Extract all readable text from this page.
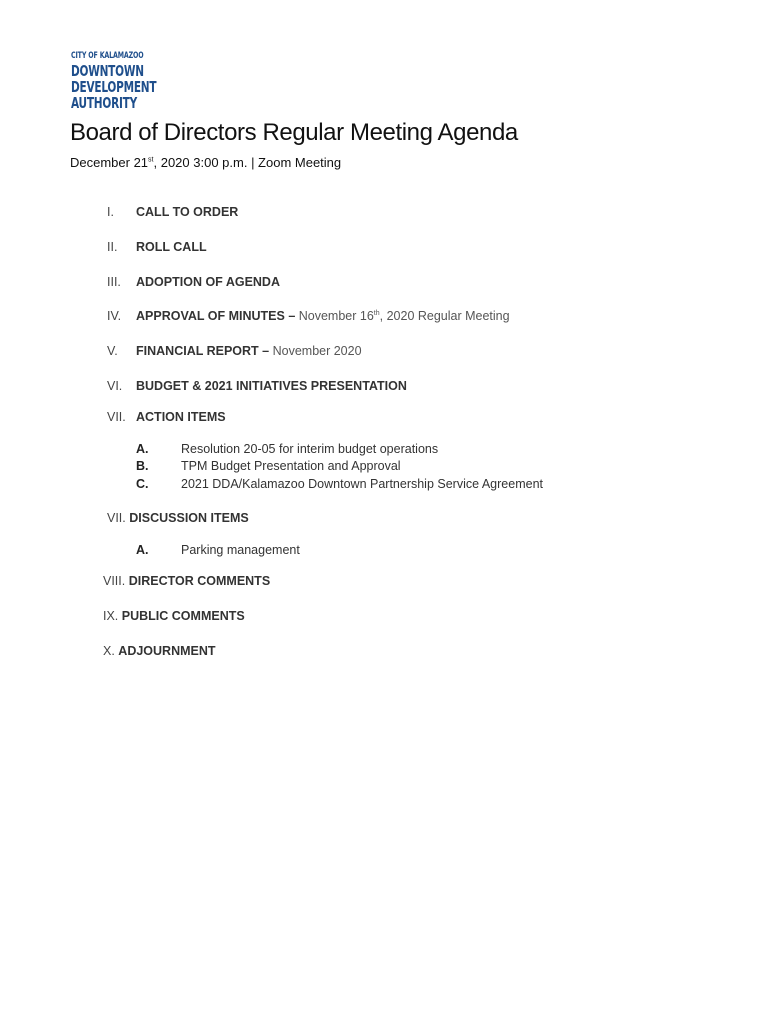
CITY OF KALAMAZOO
DOWNTOWN
DEVELOPMENT
AUTHORITY
Board of Directors Regular Meeting Agenda
December 21st, 2020 3:00 p.m. | Zoom Meeting
I. CALL TO ORDER
II. ROLL CALL
III. ADOPTION OF AGENDA
IV. APPROVAL OF MINUTES – November 16th, 2020 Regular Meeting
V. FINANCIAL REPORT – November 2020
VI. BUDGET & 2021 INITIATIVES PRESENTATION
VII. ACTION ITEMS
A.	Resolution 20-05 for interim budget operations
B.	TPM Budget Presentation and Approval
C.	2021 DDA/Kalamazoo Downtown Partnership Service Agreement
VII. DISCUSSION ITEMS
A.	Parking management
VIII. DIRECTOR COMMENTS
IX. PUBLIC COMMENTS
X. ADJOURNMENT
